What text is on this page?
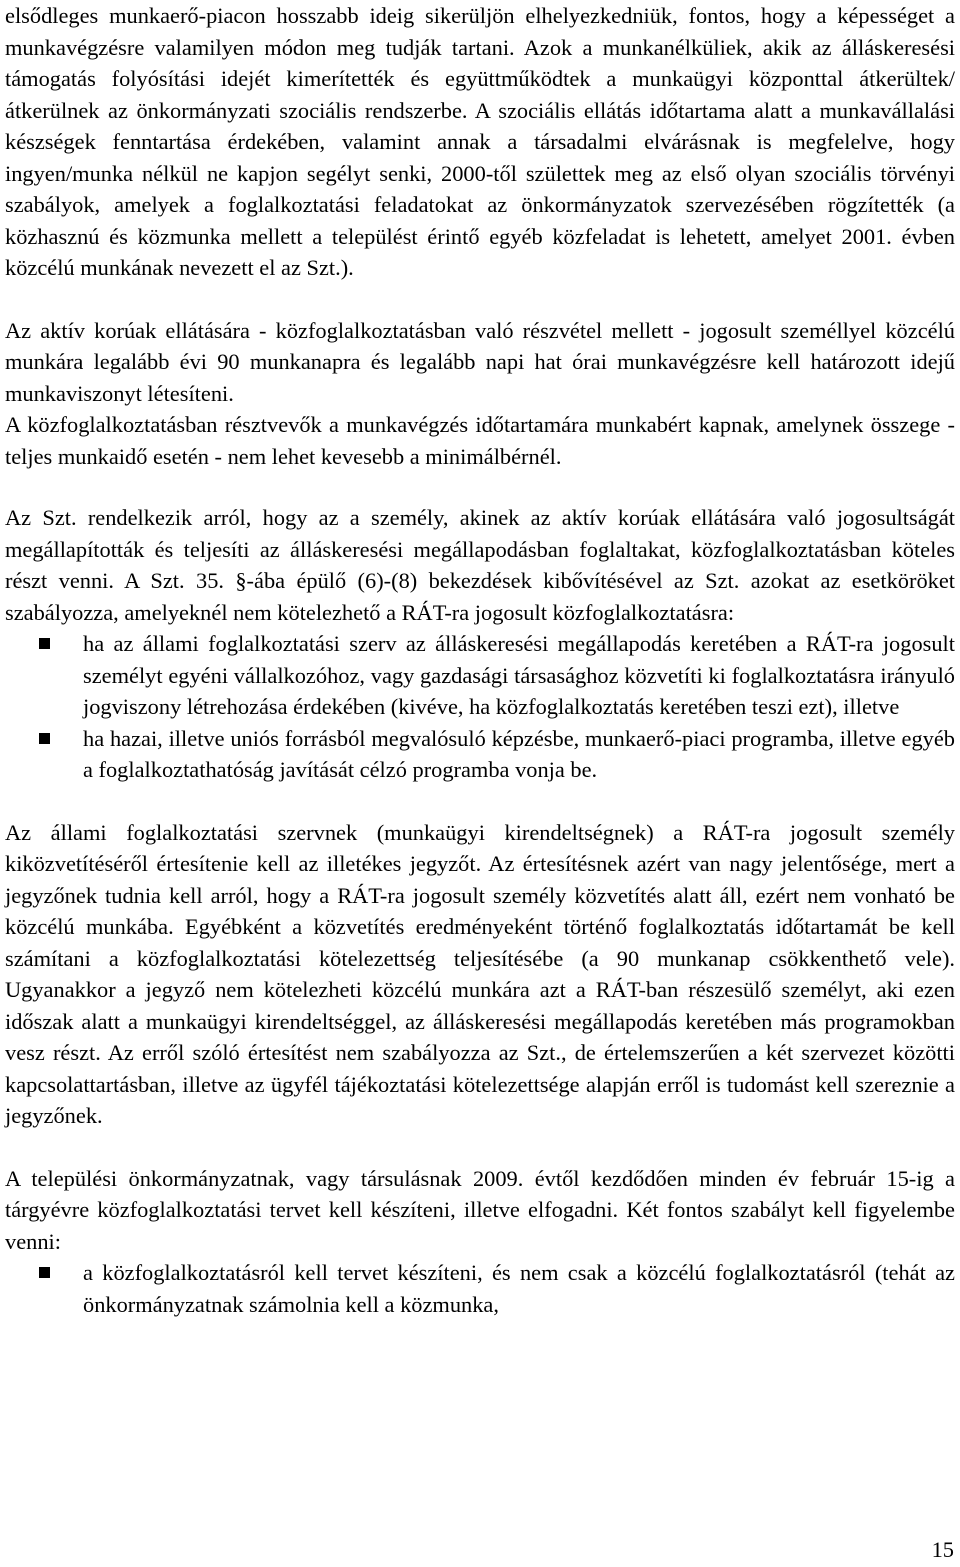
elsődleges munkaerő-piacon hosszabb ideig sikerüljön elhelyezkedniük, fontos, hogy a képességet a munkavégzésre valamilyen módon meg tudják tartani. Azok a munkanélküliek, akik az álláskeresési támogatás folyósítási idejét kimerítették és együttműködtek a munkaügyi központtal átkerültek/átkerülnek az önkormányzati szociális rendszerbe. A szociális ellátás időtartama alatt a munkavállalási készségek fenntartása érdekében, valamint annak a társadalmi elvárásnak is megfelelve, hogy ingyen/munka nélkül ne kapjon segélyt senki, 2000-től születtek meg az első olyan szociális törvényi szabályok, amelyek a foglalkoztatási feladatokat az önkormányzatok szervezésében rögzítették (a közhasznú és közmunka mellett a települést érintő egyéb közfeladat is lehetett, amelyet 2001. évben közcélú munkának nevezett el az Szt.).

Az aktív korúak ellátására - közfoglalkoztatásban való részvétel mellett - jogosult személlyel közcélú munkára legalább évi 90 munkanapra és legalább napi hat órai munkavégzésre kell határozott idejű munkaviszonyt létesíteni.

A közfoglalkoztatásban résztvevők a munkavégzés időtartamára munkabért kapnak, amelynek összege - teljes munkaidő esetén - nem lehet kevesebb a minimálbérnél.

Az Szt. rendelkezik arról, hogy az a személy, akinek az aktív korúak ellátására való jogosultságát megállapították és teljesíti az álláskeresési megállapodásban foglaltakat, közfoglalkoztatásban köteles részt venni. A Szt. 35. §-ába épülő (6)-(8) bekezdések kibővítésével az Szt. azokat az esetköröket szabályozza, amelyeknél nem kötelezhető a RÁT-ra jogosult közfoglalkoztatásra:

ha az állami foglalkoztatási szerv az álláskeresési megállapodás keretében a RÁT-ra jogosult személyt egyéni vállalkozóhoz, vagy gazdasági társasághoz közvetíti ki foglalkoztatásra irányuló jogviszony létrehozása érdekében (kivéve, ha közfoglalkoztatás keretében teszi ezt), illetve
ha hazai, illetve uniós forrásból megvalósuló képzésbe, munkaerő-piaci programba, illetve egyéb a foglalkoztathatóság javítását célzó programba vonja be.

Az állami foglalkoztatási szervnek (munkaügyi kirendeltségnek) a RÁT-ra jogosult személy kiközvetítéséről értesítenie kell az illetékes jegyzőt. Az értesítésnek azért van nagy jelentősége, mert a jegyzőnek tudnia kell arról, hogy a RÁT-ra jogosult személy közvetítés alatt áll, ezért nem vonható be közcélú munkába. Egyébként a közvetítés eredményeként történő foglalkoztatás időtartamát be kell számítani a közfoglalkoztatási kötelezettség teljesítésébe (a 90 munkanap csökkenthető vele). Ugyanakkor a jegyző nem kötelezheti közcélú munkára azt a RÁT-ban részesülő személyt, aki ezen időszak alatt a munkaügyi kirendeltséggel, az álláskeresési megállapodás keretében más programokban vesz részt. Az erről szóló értesítést nem szabályozza az Szt., de értelemszerűen a két szervezet közötti kapcsolattartásban, illetve az ügyfél tájékoztatási kötelezettsége alapján erről is tudomást kell szereznie a jegyzőnek.

A települési önkormányzatnak, vagy társulásnak 2009. évtől kezdődően minden év február 15-ig a tárgyévre közfoglalkoztatási tervet kell készíteni, illetve elfogadni. Két fontos szabályt kell figyelembe venni:

a közfoglalkoztatásról kell tervet készíteni, és nem csak a közcélú foglalkoztatásról (tehát az önkormányzatnak számolnia kell a közmunka,
15
